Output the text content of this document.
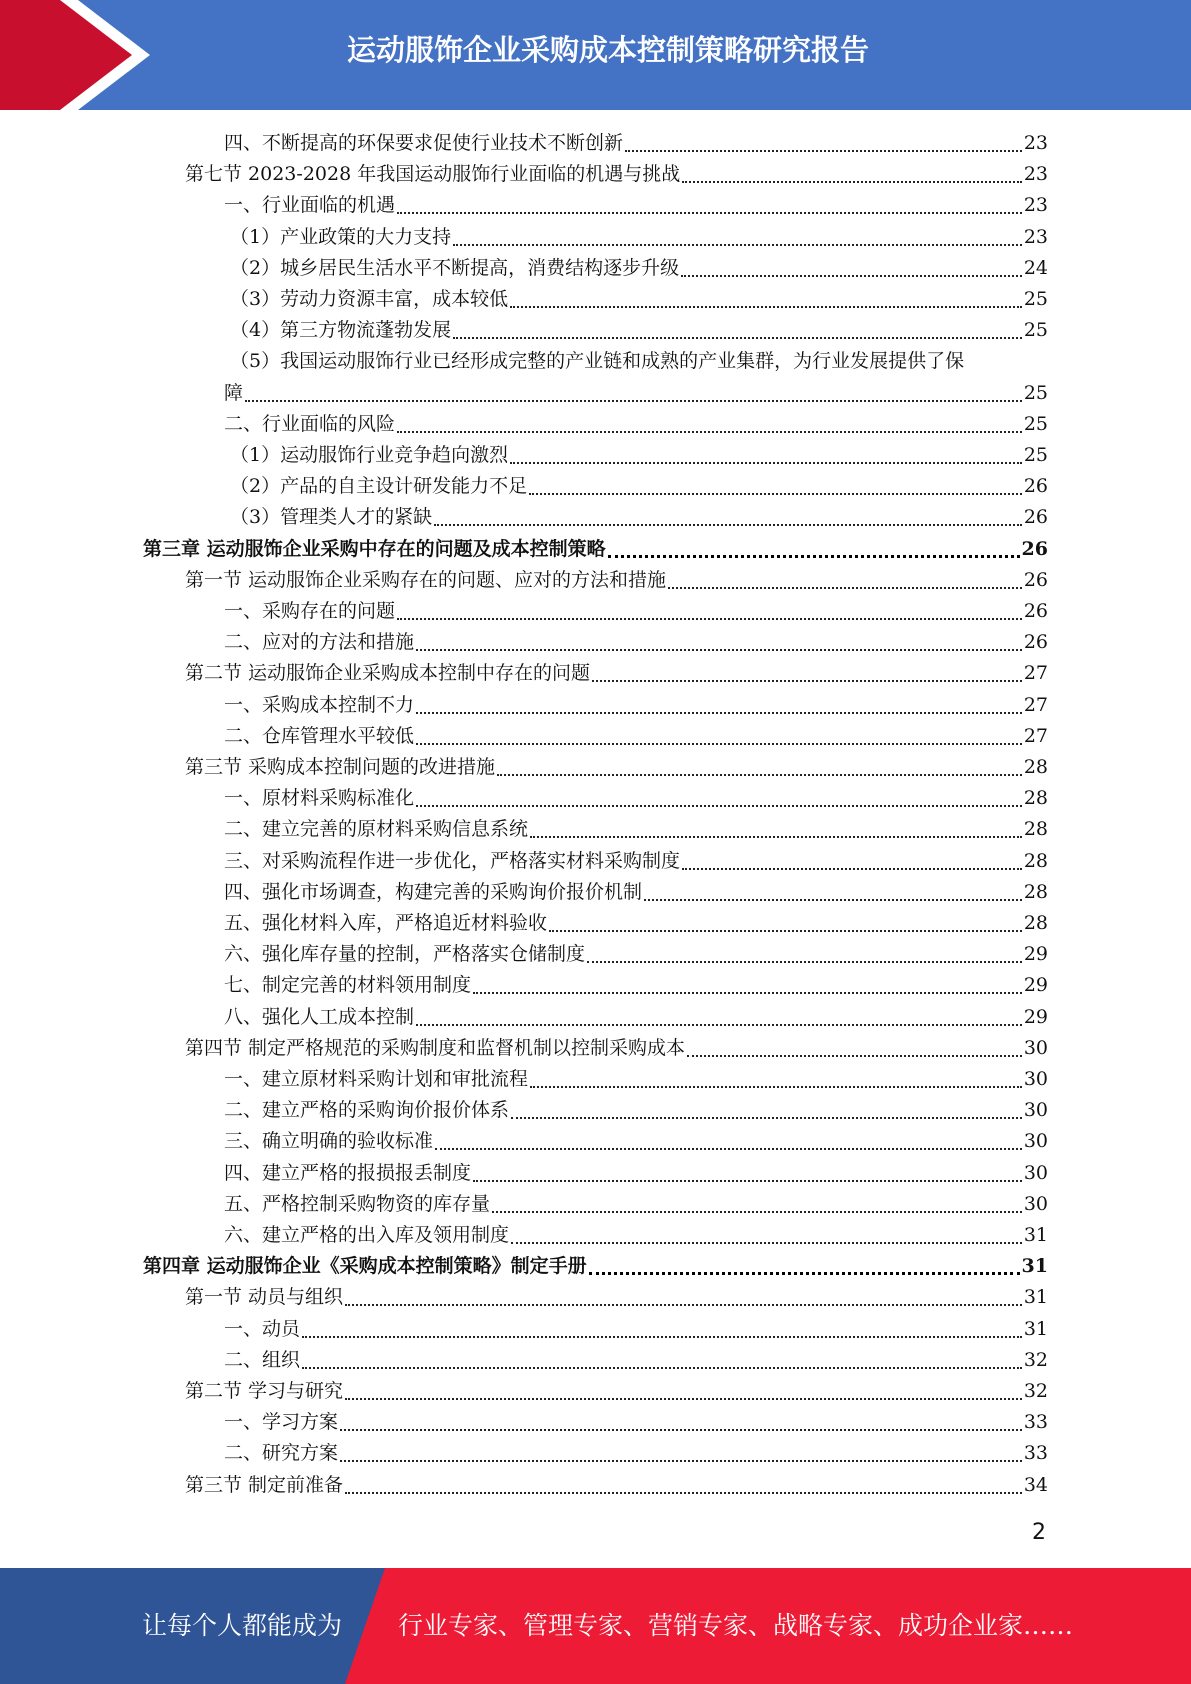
运动服饰企业采购成本控制策略研究报告
四、不断提高的环保要求促使行业技术不断创新	23
第七节 2023-2028 年我国运动服饰行业面临的机遇与挑战	23
一、行业面临的机遇	23
（1）产业政策的大力支持	23
（2）城乡居民生活水平不断提高，消费结构逐步升级	24
（3）劳动力资源丰富，成本较低	25
（4）第三方物流蓬勃发展	25
（5）我国运动服饰行业已经形成完整的产业链和成熟的产业集群，为行业发展提供了保
障	25
二、行业面临的风险	25
（1）运动服饰行业竞争趋向激烈	25
（2）产品的自主设计研发能力不足	26
（3）管理类人才的紧缺	26
第三章 运动服饰企业采购中存在的问题及成本控制策略	26
第一节 运动服饰企业采购存在的问题、应对的方法和措施	26
一、采购存在的问题	26
二、应对的方法和措施	26
第二节 运动服饰企业采购成本控制中存在的问题	27
一、采购成本控制不力	27
二、仓库管理水平较低	27
第三节 采购成本控制问题的改进措施	28
一、原材料采购标准化	28
二、建立完善的原材料采购信息系统	28
三、对采购流程作进一步优化，严格落实材料采购制度	28
四、强化市场调查，构建完善的采购询价报价机制	28
五、强化材料入库，严格追近材料验收	28
六、强化库存量的控制，严格落实仓储制度	29
七、制定完善的材料领用制度	29
八、强化人工成本控制	29
第四节 制定严格规范的采购制度和监督机制以控制采购成本	30
一、建立原材料采购计划和审批流程	30
二、建立严格的采购询价报价体系	30
三、确立明确的验收标准	30
四、建立严格的报损报丢制度	30
五、严格控制采购物资的库存量	30
六、建立严格的出入库及领用制度	31
第四章 运动服饰企业《采购成本控制策略》制定手册	31
第一节 动员与组织	31
一、动员	31
二、组织	32
第二节 学习与研究	32
一、学习方案	33
二、研究方案	33
第三节 制定前准备	34
2
让每个人都能成为 行业专家、管理专家、营销专家、战略专家、成功企业家……
